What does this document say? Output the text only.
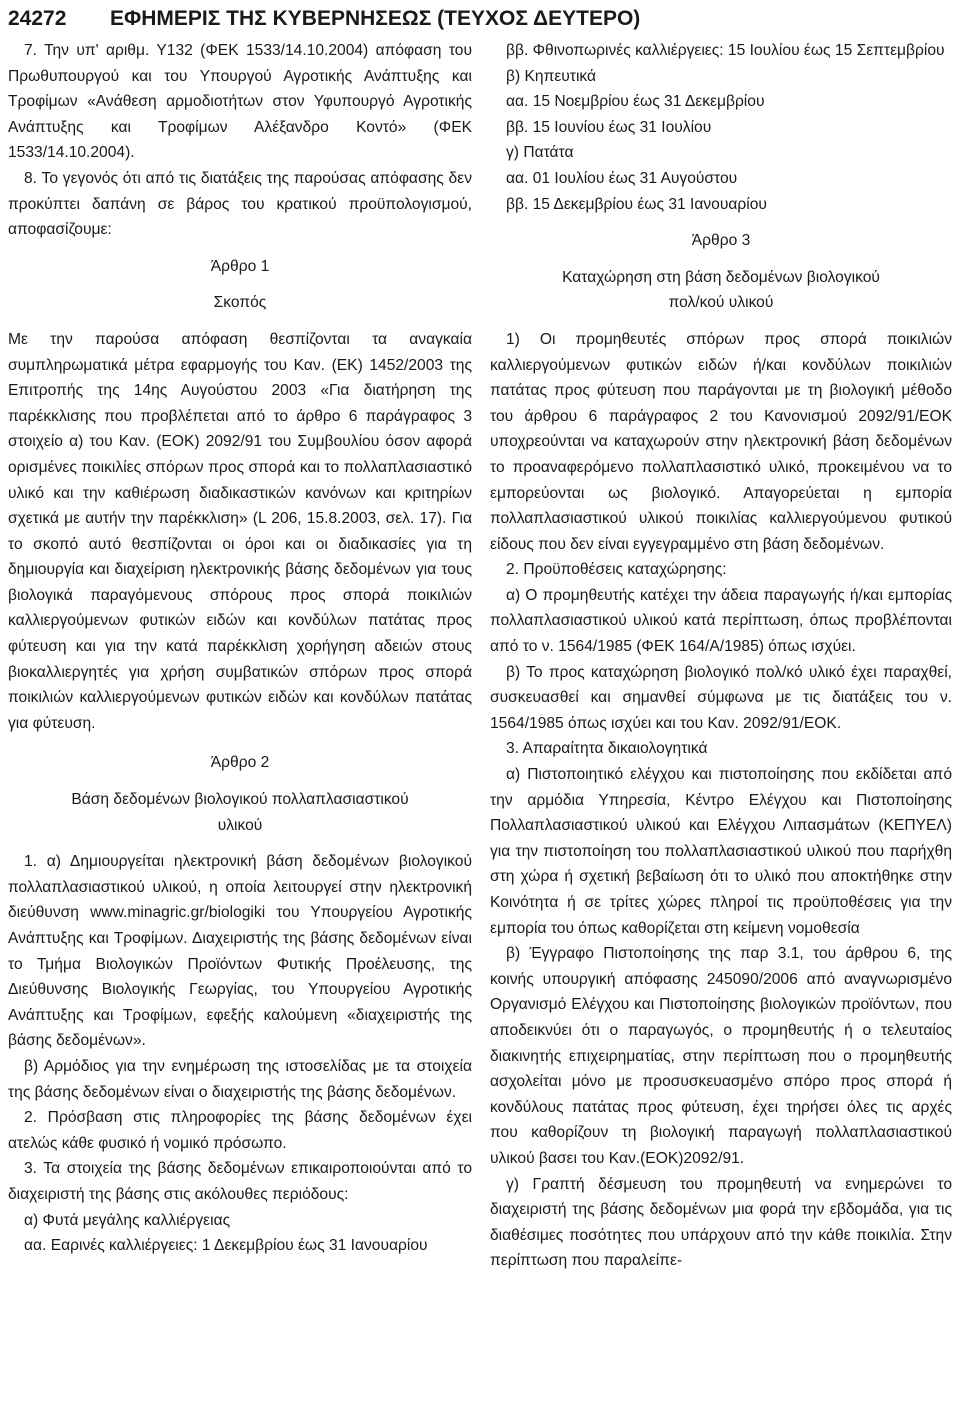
24272 ΕΦΗΜΕΡΙΣ ΤΗΣ ΚΥΒΕΡΝΗΣΕΩΣ (ΤΕΥΧΟΣ ΔΕΥΤΕΡΟ)

7. Την υπ' αριθμ. Υ132 (ΦΕΚ 1533/14.10.2004) απόφαση του Πρωθυπουργού και του Υπουργού Αγροτικής Ανάπτυξης και Τροφίμων «Ανάθεση αρμοδιοτήτων στον Υφυπουργό Αγροτικής Ανάπτυξης και Τροφίμων Αλέξανδρο Κοντό» (ΦΕΚ 1533/14.10.2004).

8. Το γεγονός ότι από τις διατάξεις της παρούσας απόφασης δεν προκύπτει δαπάνη σε βάρος του κρατικού προϋπολογισμού, αποφασίζουμε:

Άρθρο 1

Σκοπός

Με την παρούσα απόφαση θεσπίζονται τα αναγκαία συμπληρωματικά μέτρα εφαρμογής του Καν. (ΕΚ) 1452/2003 της Επιτροπής της 14ης Αυγούστου 2003 «Για διατήρηση της παρέκκλισης που προβλέπεται από το άρθρο 6 παράγραφος 3 στοιχείο α) του Καν. (ΕΟΚ) 2092/91 του Συμβουλίου όσον αφορά ορισμένες ποικιλίες σπόρων προς σπορά και το πολλαπλασιαστικό υλικό και την καθιέρωση διαδικαστικών κανόνων και κριτηρίων σχετικά με αυτήν την παρέκκλιση» (L 206, 15.8.2003, σελ. 17). Για το σκοπό αυτό θεσπίζονται οι όροι και οι διαδικασίες για τη δημιουργία και διαχείριση ηλεκτρονικής βάσης δεδομένων για τους βιολογικά παραγόμενους σπόρους προς σπορά ποικιλιών καλλιεργούμενων φυτικών ειδών και κονδύλων πατάτας προς φύτευση και για την κατά παρέκκλιση χορήγηση αδειών στους βιοκαλλιεργητές για χρήση συμβατικών σπόρων προς σπορά ποικιλιών καλλιεργούμενων φυτικών ειδών και κονδύλων πατάτας για φύτευση.

Άρθρο 2

Βάση δεδομένων βιολογικού πολλαπλασιαστικού υλικού

1. α) Δημιουργείται ηλεκτρονική βάση δεδομένων βιολογικού πολλαπλασιαστικού υλικού, η οποία λειτουργεί στην ηλεκτρονική διεύθυνση www.minagric.gr/biologiki του Υπουργείου Αγροτικής Ανάπτυξης και Τροφίμων. Διαχειριστής της βάσης δεδομένων είναι το Τμήμα Βιολογικών Προϊόντων Φυτικής Προέλευσης, της Διεύθυνσης Βιολογικής Γεωργίας, του Υπουργείου Αγροτικής Ανάπτυξης και Τροφίμων, εφεξής καλούμενη «διαχειριστής της βάσης δεδομένων».

β) Αρμόδιος για την ενημέρωση της ιστοσελίδας με τα στοιχεία της βάσης δεδομένων είναι ο διαχειριστής της βάσης δεδομένων.

2. Πρόσβαση στις πληροφορίες της βάσης δεδομένων έχει ατελώς κάθε φυσικό ή νομικό πρόσωπο.

3. Τα στοιχεία της βάσης δεδομένων επικαιροποιούνται από το διαχειριστή της βάσης στις ακόλουθες περιόδους:

α) Φυτά μεγάλης καλλιέργειας

αα. Εαρινές καλλιέργειες: 1 Δεκεμβρίου έως 31 Ιανουαρίου

ββ. Φθινοπωρινές καλλιέργειες: 15 Ιουλίου έως 15 Σεπτεμβρίου

β) Κηπευτικά

αα. 15 Νοεμβρίου έως 31 Δεκεμβρίου

ββ. 15 Ιουνίου έως 31 Ιουλίου

γ) Πατάτα

αα. 01 Ιουλίου έως 31 Αυγούστου

ββ. 15 Δεκεμβρίου έως 31 Ιανουαρίου

Άρθρο 3

Καταχώρηση στη βάση δεδομένων βιολογικού πολ/κού υλικού

1) Οι προμηθευτές σπόρων προς σπορά ποικιλιών καλλιεργούμενων φυτικών ειδών ή/και κονδύλων ποικιλιών πατάτας προς φύτευση που παράγονται με τη βιολογική μέθοδο του άρθρου 6 παράγραφος 2 του Κανονισμού 2092/91/ΕΟΚ υποχρεούνται να καταχωρούν στην ηλεκτρονική βάση δεδομένων το προαναφερόμενο πολλαπλασιστικό υλικό, προκειμένου να το εμπορεύονται ως βιολογικό. Απαγορεύεται η εμπορία πολλαπλασιαστικού υλικού ποικιλίας καλλιεργούμενου φυτικού είδους που δεν είναι εγγεγραμμένο στη βάση δεδομένων.

2. Προϋποθέσεις καταχώρησης:

α) Ο προμηθευτής κατέχει την άδεια παραγωγής ή/και εμπορίας πολλαπλασιαστικού υλικού κατά περίπτωση, όπως προβλέπονται από το ν. 1564/1985 (ΦΕΚ 164/Α/1985) όπως ισχύει.

β) Το προς καταχώρηση βιολογικό πολ/κό υλικό έχει παραχθεί, συσκευασθεί και σημανθεί σύμφωνα με τις διατάξεις του ν. 1564/1985 όπως ισχύει και του Καν. 2092/91/ΕΟΚ.

3. Απαραίτητα δικαιολογητικά

α) Πιστοποιητικό ελέγχου και πιστοποίησης που εκδίδεται από την αρμόδια Υπηρεσία, Κέντρο Ελέγχου και Πιστοποίησης Πολλαπλασιαστικού υλικού και Ελέγχου Λιπασμάτων (ΚΕΠΥΕΛ) για την πιστοποίηση του πολλαπλασιαστικού υλικού που παρήχθη στη χώρα ή σχετική βεβαίωση ότι το υλικό που αποκτήθηκε στην Κοινότητα ή σε τρίτες χώρες πληροί τις προϋποθέσεις για την εμπορία του όπως καθορίζεται στη κείμενη νομοθεσία

β) Έγγραφο Πιστοποίησης της παρ 3.1, του άρθρου 6, της κοινής υπουργική απόφασης 245090/2006 από αναγνωρισμένο Οργανισμό Ελέγχου και Πιστοποίησης βιολογικών προϊόντων, που αποδεικνύει ότι ο παραγωγός, ο προμηθευτής ή ο τελευταίος διακινητής επιχειρηματίας, στην περίπτωση που ο προμηθευτής ασχολείται μόνο με προσυσκευασμένο σπόρο προς σπορά ή κονδύλους πατάτας προς φύτευση, έχει τηρήσει όλες τις αρχές που καθορίζουν τη βιολογική παραγωγή πολλαπλασιαστικού υλικού βασει του Καν.(ΕΟΚ)2092/91.

γ) Γραπτή δέσμευση του προμηθευτή να ενημερώνει το διαχειριστή της βάσης δεδομένων μια φορά την εβδομάδα, για τις διαθέσιμες ποσότητες που υπάρχουν από την κάθε ποικιλία. Στην περίπτωση που παραλείπε-
